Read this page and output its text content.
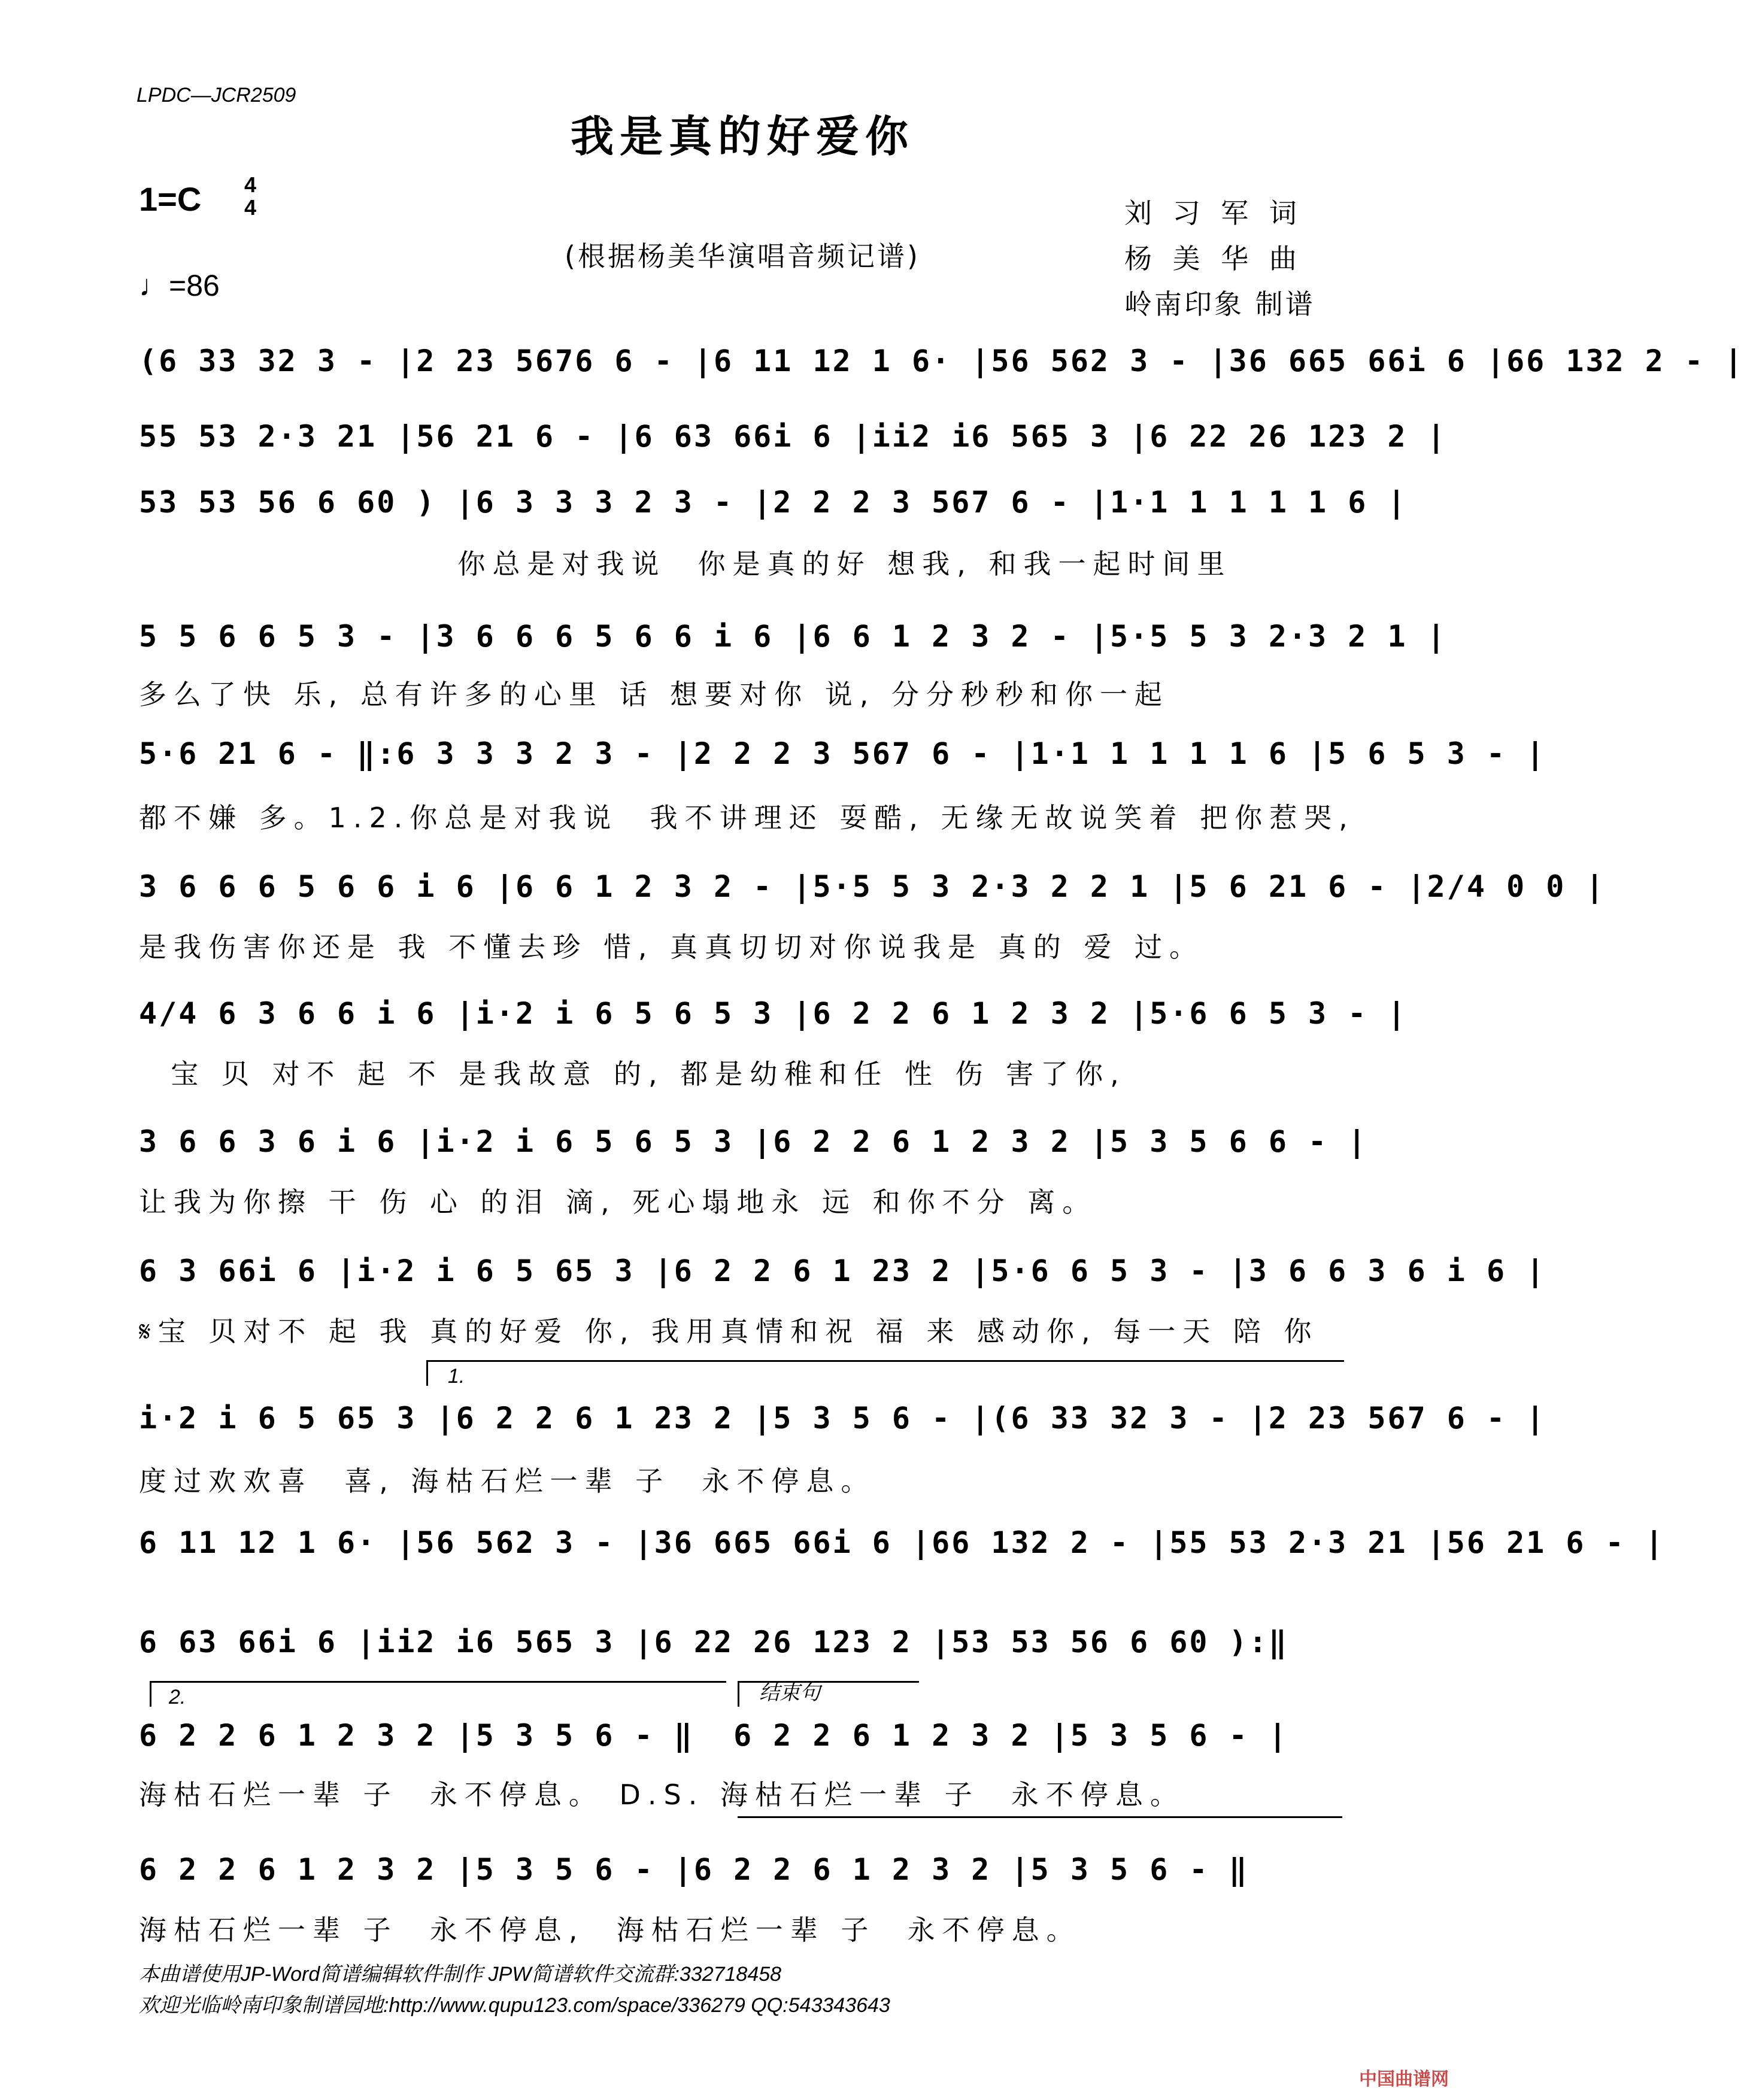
LPDC—JCR2509
我是真的好爱你
1=C 4
4
♩=86
(根据杨美华演唱音频记谱)
刘 习 军 词
杨 美 华 曲
岭南印象 制谱
(6 33 32 3 - |2 23 5676 6 - |6 11 12 1 6· |56 562 3 - |36 665 66i 6 |66 132 2 - |
55 53 2·3 21 |56 21 6 - |6 63 66i 6 |ii2 i6 565 3 |6 22 26 123 2 |
53 53 56 6 60 ) |6 3 3 3 2 3 - |2 2 2 3 567 6 - |1·1 1 1 1 1 6 |
你总是对我说  你是真的好 想我, 和我一起时间里
5 5 6 6 5 3 - |3 6 6 6 5 6 6 i 6 |6 6 1 2 3 2 - |5·5 5 3 2·3 2 1 |
多么了快 乐, 总有许多的心里 话 想要对你 说, 分分秒秒和你一起
5·6 21 6 - ‖:6 3 3 3 2 3 - |2 2 2 3 567 6 - |1·1 1 1 1 1 6 |5 6 5 3 - |
都不嫌 多。1.2.你总是对我说  我不讲理还 耍酷, 无缘无故说笑着 把你惹哭,
3 6 6 6 5 6 6 i 6 |6 6 1 2 3 2 - |5·5 5 3 2·3 2 2 1 |5 6 21 6 - |2/4 0 0 |
是我伤害你还是 我 不懂去珍 惜, 真真切切对你说我是 真的 爱 过。
4/4 6 3 6 6 i 6 |i·2 i 6 5 6 5 3 |6 2 2 6 1 2 3 2 |5·6 6 5 3 - |
宝 贝 对不 起 不 是我故意 的, 都是幼稚和任 性 伤 害了你,
3 6 6 3 6 i 6 |i·2 i 6 5 6 5 3 |6 2 2 6 1 2 3 2 |5 3 5 6 6 - |
让我为你擦 干 伤 心 的泪 滴, 死心塌地永 远 和你不分 离。
6 3 66i 6 |i·2 i 6 5 65 3 |6 2 2 6 1 23 2 |5·6 6 5 3 - |3 6 6 3 6 i 6 |
𝄋宝 贝对不 起 我 真的好爱 你, 我用真情和祝 福 来 感动你, 每一天 陪 你
1.
i·2 i 6 5 65 3 |6 2 2 6 1 23 2 |5 3 5 6 - |(6 33 32 3 - |2 23 567 6 - |
度过欢欢喜  喜, 海枯石烂一辈 子  永不停息。
6 11 12 1 6· |56 562 3 - |36 665 66i 6 |66 132 2 - |55 53 2·3 21 |56 21 6 - |
6 63 66i 6 |ii2 i6 565 3 |6 22 26 123 2 |53 53 56 6 60 ):‖
2.	结束句
6 2 2 6 1 2 3 2 |5 3 5 6 - ‖  6 2 2 6 1 2 3 2 |5 3 5 6 - |
海枯石烂一辈 子  永不停息。 D.S. 海枯石烂一辈 子  永不停息。
6 2 2 6 1 2 3 2 |5 3 5 6 - |6 2 2 6 1 2 3 2 |5 3 5 6 - ‖
海枯石烂一辈 子  永不停息,  海枯石烂一辈 子  永不停息。
本曲谱使用JP-Word简谱编辑软件制作 JPW简谱软件交流群:332718458
欢迎光临岭南印象制谱园地:http://www.qupu123.com/space/336279 QQ:543343643
中国曲谱网
